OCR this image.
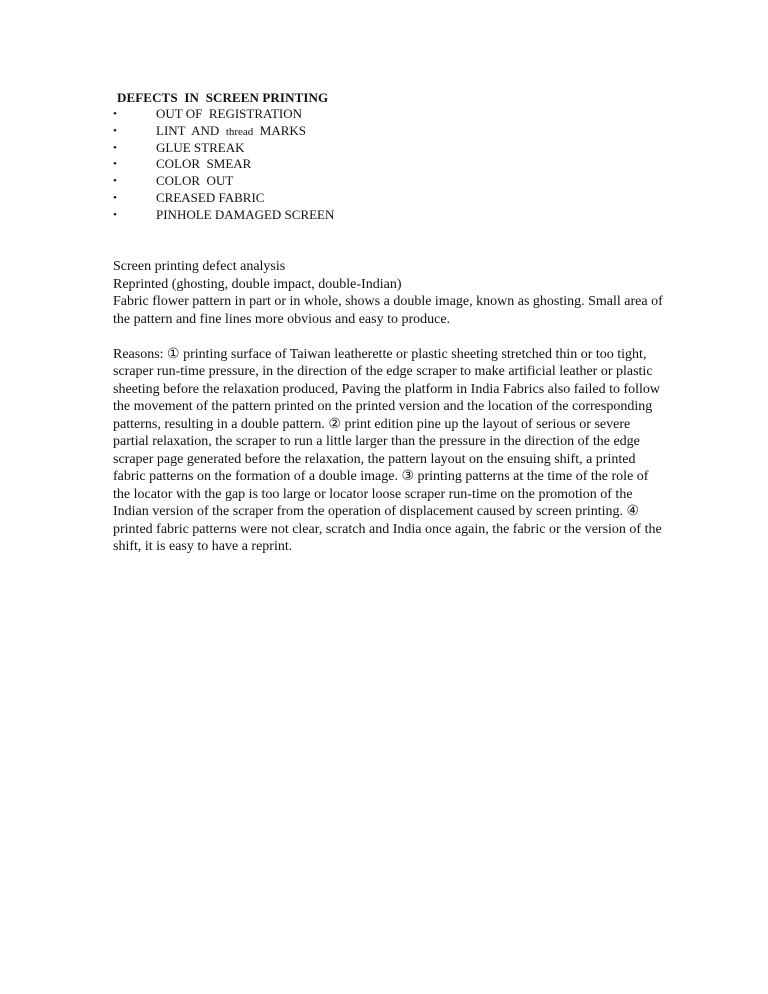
DEFECTS  IN  SCREEN PRINTING

•

	OUT OF  REGISTRATION

•

	LINT  AND  thread  MARKS

•

	GLUE STREAK

•

	COLOR  SMEAR

•

	COLOR  OUT

•

	CREASED FABRIC

•

	PINHOLE DAMAGED SCREEN

Screen printing defect analysis
Reprinted (ghosting, double impact, double-Indian)
Fabric flower pattern in part or in whole, shows a double image, known as ghosting. Small area of
the pattern and fine lines more obvious and easy to produce.
Reasons: ① printing surface of Taiwan leatherette or plastic sheeting stretched thin or too tight,
scraper run-time pressure, in the direction of the edge scraper to make artificial leather or plastic
sheeting before the relaxation produced, Paving the platform in India Fabrics also failed to follow
the movement of the pattern printed on the printed version and the location of the corresponding
patterns, resulting in a double pattern. ② print edition pine up the layout of serious or severe
partial relaxation, the scraper to run a little larger than the pressure in the direction of the edge
scraper page generated before the relaxation, the pattern layout on the ensuing shift, a printed
fabric patterns on the formation of a double image. ③ printing patterns at the time of the role of
the locator with the gap is too large or locator loose scraper run-time on the promotion of the
Indian version of the scraper from the operation of displacement caused by screen printing. ④
printed fabric patterns were not clear, scratch and India once again, the fabric or the version of the
shift, it is easy to have a reprint.
